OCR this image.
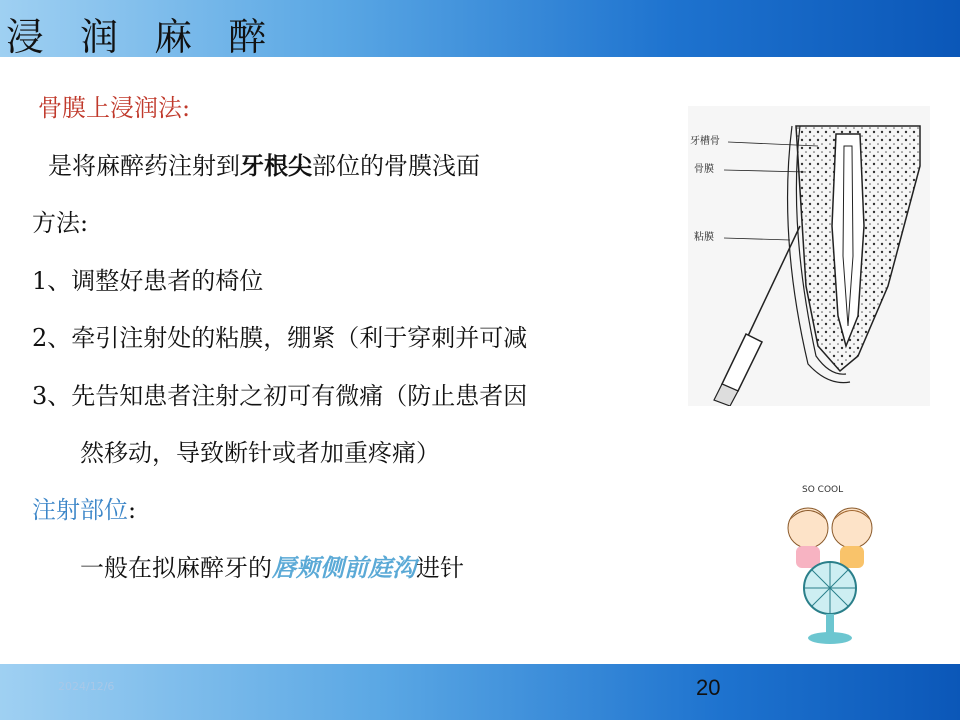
浸 润 麻 醉
骨膜上浸润法:
是将麻醉药注射到牙根尖部位的骨膜浅面
方法:
1、调整好患者的椅位
2、牵引注射处的粘膜，绷紧（利于穿刺并可减
3、先告知患者注射之初可有微痛（防止患者因
然移动，导致断针或者加重疼痛）
注射部位:
一般在拟麻醉牙的唇颊侧前庭沟进针
牙槽骨
骨膜
粘膜
SO COOL
2024/12/6	20
